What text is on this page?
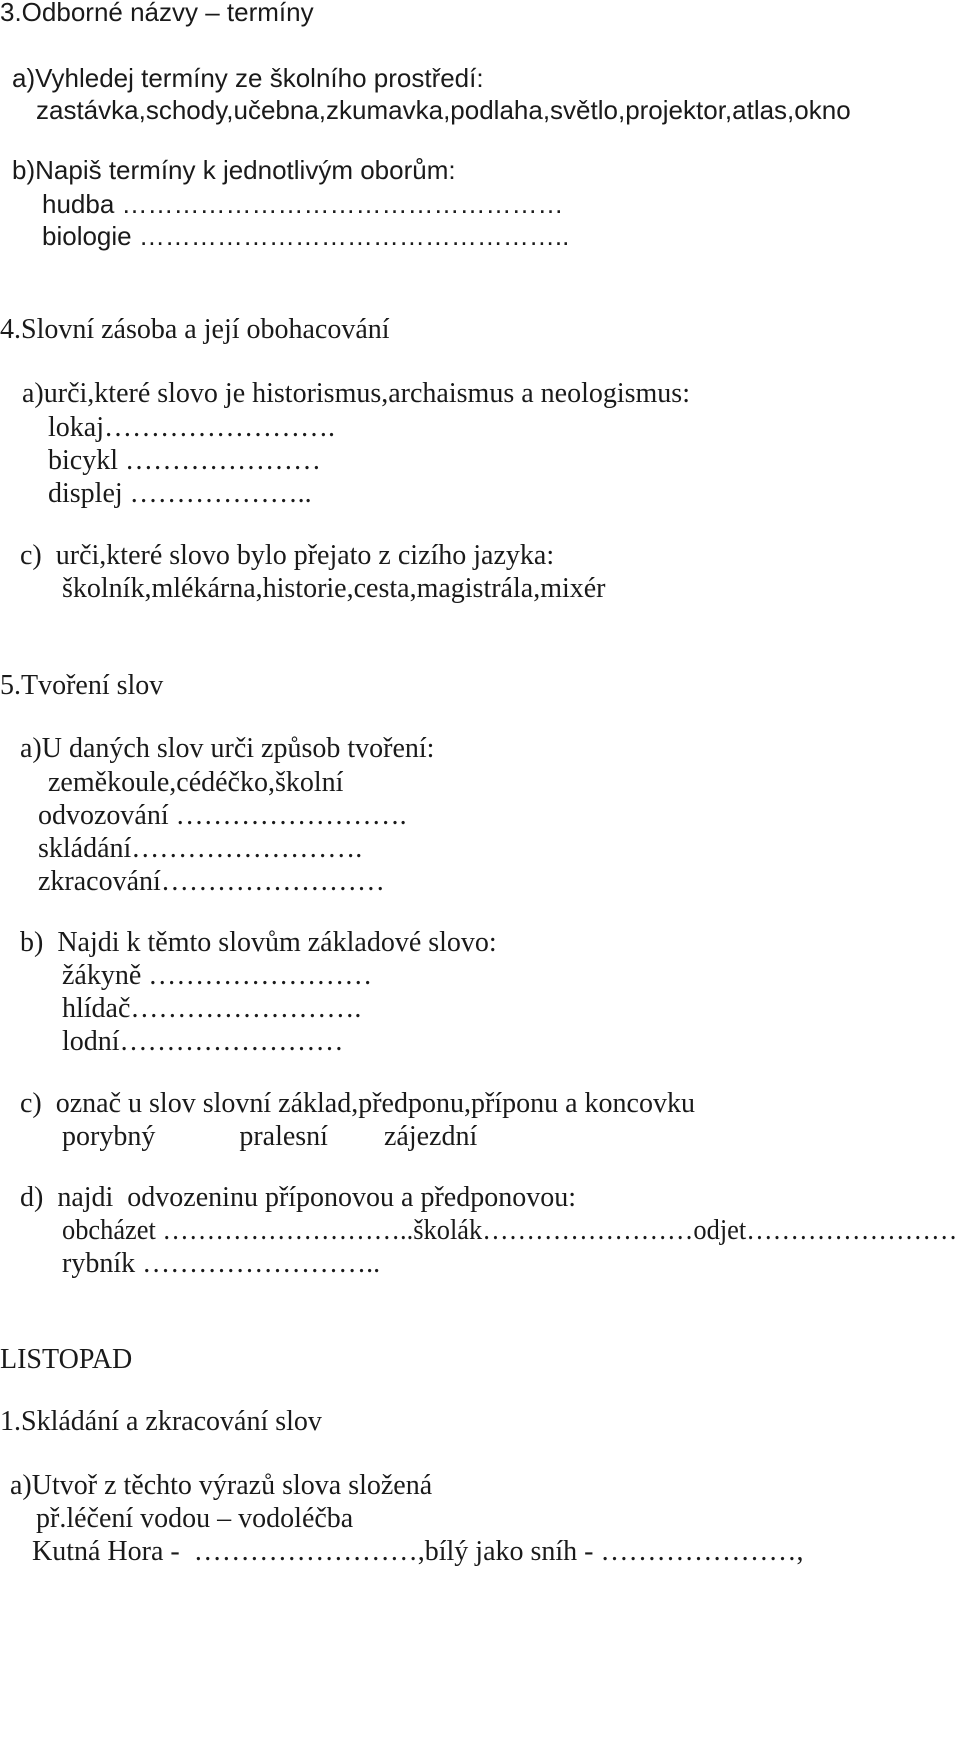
3.Odborné názvy – termíny
a)Vyhledej termíny ze školního prostředí:
zastávka,schody,učebna,zkumavka,podlaha,světlo,projektor,atlas,okno
b)Napiš termíny k jednotlivým oborům:
hudba ……………………………………………
biologie …………………………………………..
4.Slovní zásoba a její obohacování
a)urči,které slovo je historismus,archaismus a neologismus:
lokaj…………………….
bicykl …………………
displej ………………..
c)  urči,které slovo bylo přejato z cizího jazyka:
školník,mlékárna,historie,cesta,magistrála,mixér
5.Tvoření slov
a)U daných slov urči způsob tvoření:
zeměkoule,cédéčko,školní
odvozování …………………….
skládání…………………….
zkracování……………………
b)  Najdi k těmto slovům základové slovo:
žákyně ……………………
hlídač…………………….
lodní……………………
c)  označ u slov slovní základ,předponu,příponu a koncovku
porybný            pralesní        zájezdní
d)  najdi  odvozeninu příponovou a předponovou:
obcházet ………………………..školák……………………odjet……………………
rybník ……………………..
LISTOPAD
1.Skládání a zkracování slov
a)Utvoř z těchto výrazů slova složená
př.léčení vodou – vodoléčba
Kutná Hora -  ……………………,bílý jako sníh - …………………,
